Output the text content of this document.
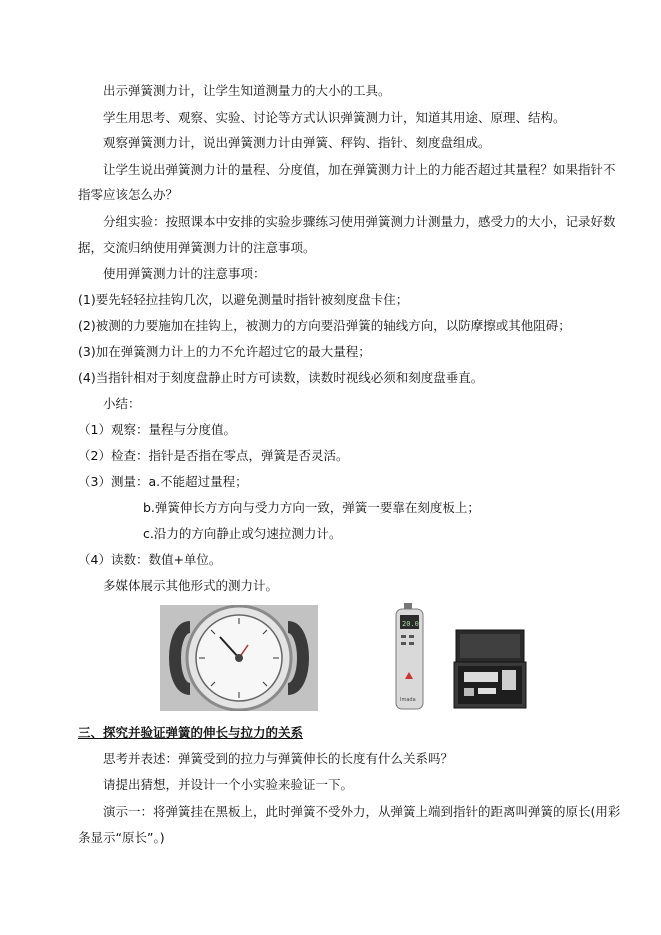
出示弹簧测力计，让学生知道测量力的大小的工具。
学生用思考、观察、实验、讨论等方式认识弹簧测力计，知道其用途、原理、结构。
观察弹簧测力计，说出弹簧测力计由弹簧、秤钩、指针、刻度盘组成。
让学生说出弹簧测力计的量程、分度值，加在弹簧测力计上的力能否超过其量程？如果指针不
指零应该怎么办？
分组实验：按照课本中安排的实验步骤练习使用弹簧测力计测量力，感受力的大小，记录好数
据，交流归纳使用弹簧测力计的注意事项。
使用弹簧测力计的注意事项：
(1)要先轻轻拉挂钩几次，以避免测量时指针被刻度盘卡住；
(2)被测的力要施加在挂钩上，被测力的方向要沿弹簧的轴线方向，以防摩擦或其他阻碍；
(3)加在弹簧测力计上的力不允许超过它的最大量程；
(4)当指针相对于刻度盘静止时方可读数，读数时视线必须和刻度盘垂直。
小结：
（1）观察：量程与分度值。
（2）检查：指针是否指在零点，弹簧是否灵活。
（3）测量：a.不能超过量程；
b.弹簧伸长方方向与受力方向一致，弹簧一要靠在刻度板上；
c.沿力的方向静止或匀速拉测力计。
（4）读数：数值+单位。
多媒体展示其他形式的测力计。
20.0
Imada
三、探究并验证弹簧的伸长与拉力的关系
思考并表述：弹簧受到的拉力与弹簧伸长的长度有什么关系吗？
请提出猜想，并设计一个小实验来验证一下。
演示一：将弹簧挂在黑板上，此时弹簧不受外力，从弹簧上端到指针的距离叫弹簧的原长(用彩
条显示“原长”。)
